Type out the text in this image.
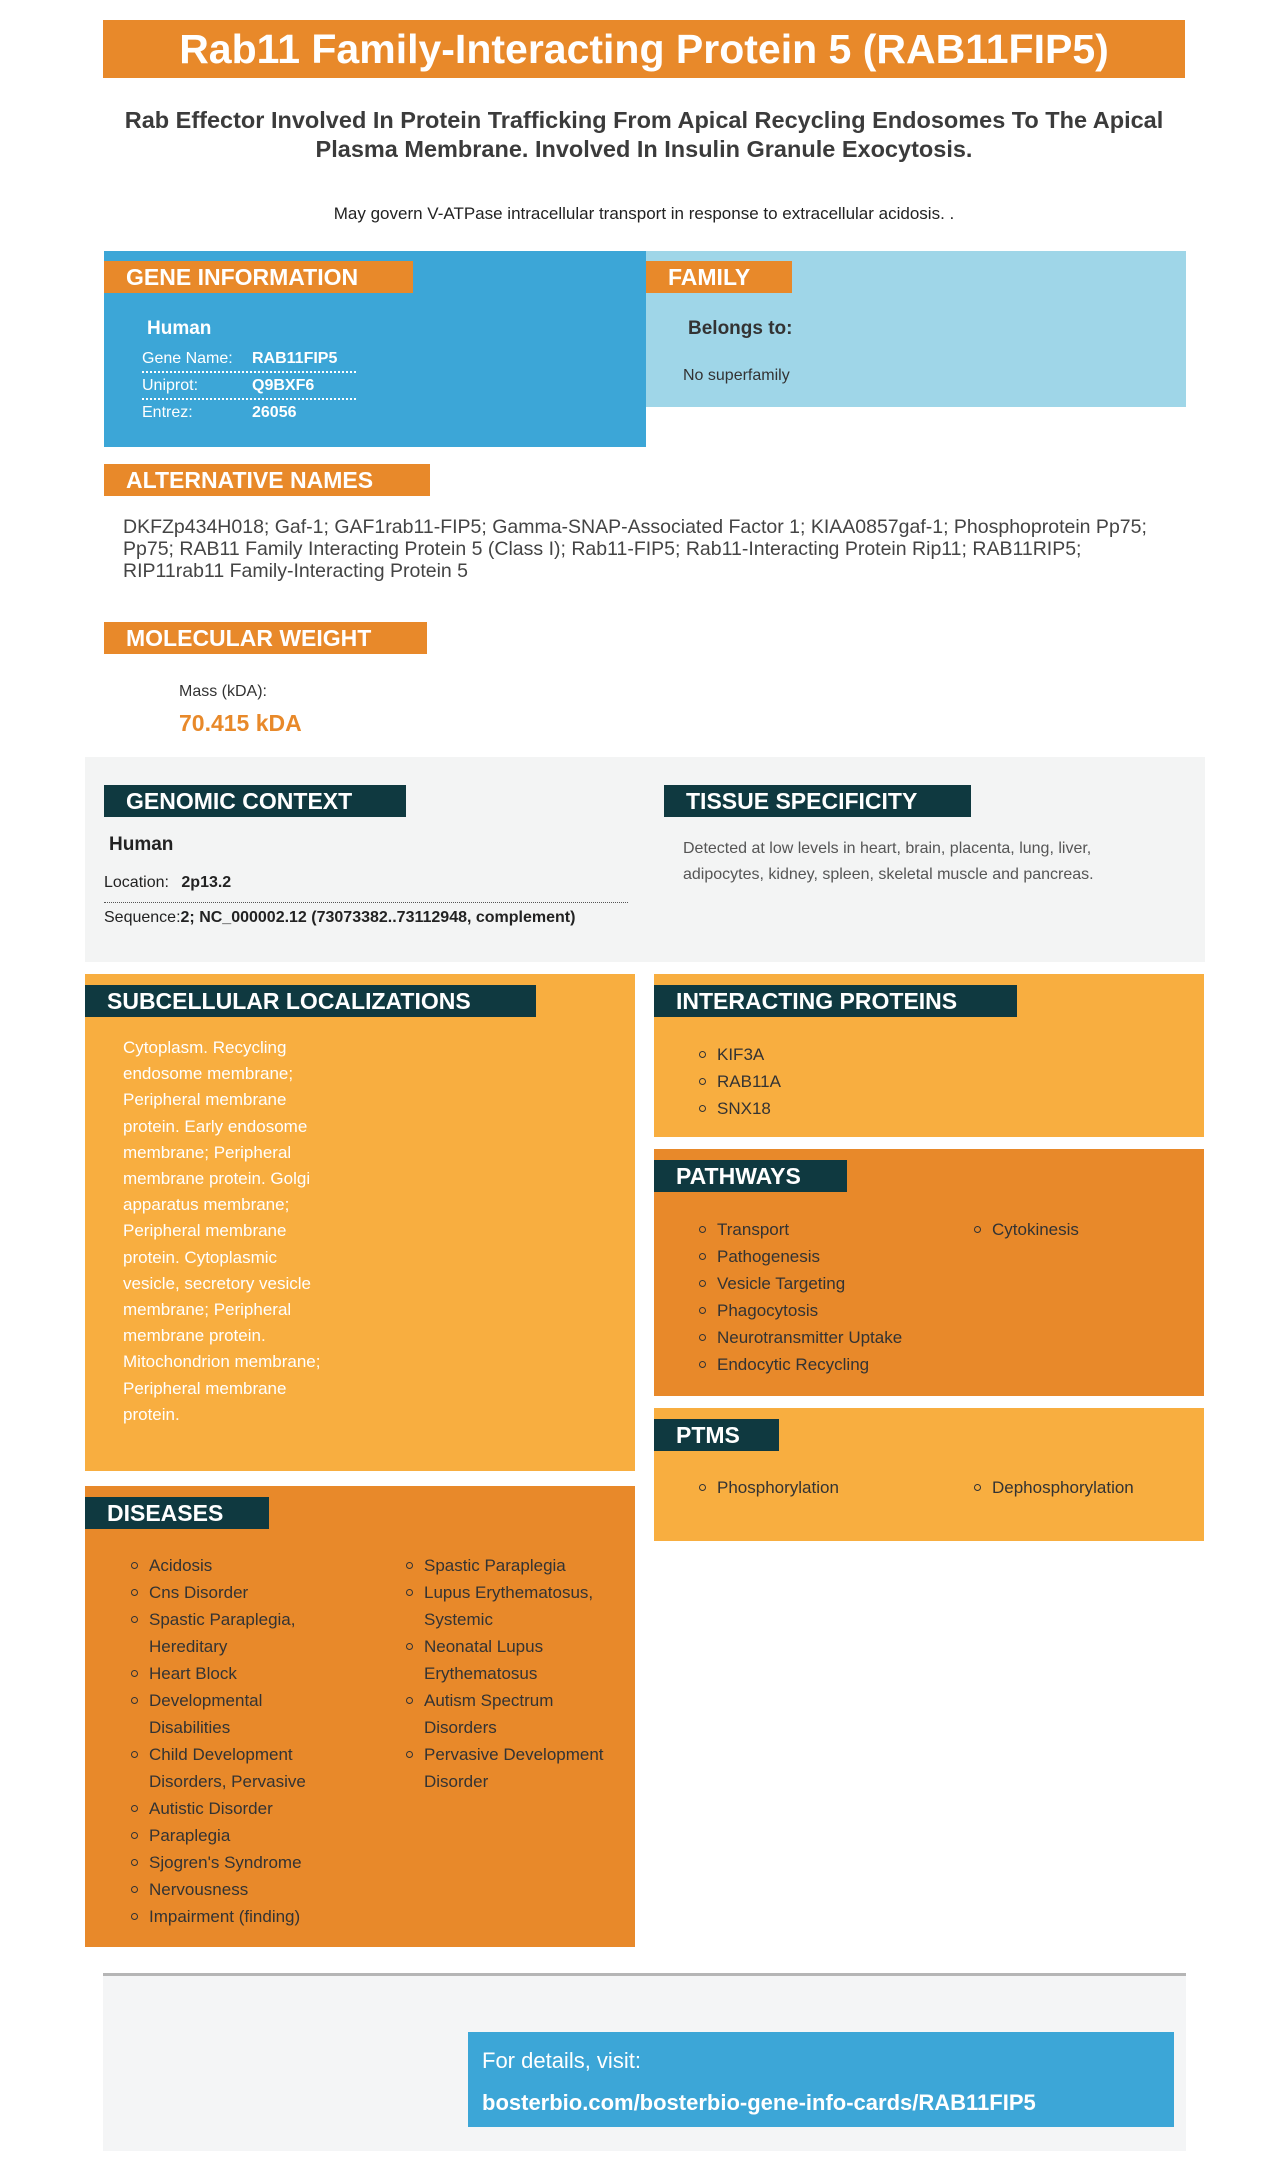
Rab11 Family-Interacting Protein 5 (RAB11FIP5)
Rab Effector Involved In Protein Trafficking From Apical Recycling Endosomes To The Apical Plasma Membrane. Involved In Insulin Granule Exocytosis.
May govern V-ATPase intracellular transport in response to extracellular acidosis. .
GENE INFORMATION
Human
Gene Name: RAB11FIP5
Uniprot:	Q9BXF6
Entrez:	26056
FAMILY
Belongs to:
No superfamily
ALTERNATIVE NAMES
DKFZp434H018; Gaf-1; GAF1rab11-FIP5; Gamma-SNAP-Associated Factor 1; KIAA0857gaf-1; Phosphoprotein Pp75; Pp75; RAB11 Family Interacting Protein 5 (Class I); Rab11-FIP5; Rab11-Interacting Protein Rip11; RAB11RIP5; RIP11rab11 Family-Interacting Protein 5
MOLECULAR WEIGHT
Mass (kDA):
70.415 kDA
GENOMIC CONTEXT
Human
Location: 2p13.2
Sequence:2; NC_000002.12 (73073382..73112948, complement)
TISSUE SPECIFICITY
Detected at low levels in heart, brain, placenta, lung, liver, adipocytes, kidney, spleen, skeletal muscle and pancreas.
SUBCELLULAR LOCALIZATIONS
Cytoplasm. Recycling endosome membrane; Peripheral membrane protein. Early endosome membrane; Peripheral membrane protein. Golgi apparatus membrane; Peripheral membrane protein. Cytoplasmic vesicle, secretory vesicle membrane; Peripheral membrane protein. Mitochondrion membrane; Peripheral membrane protein.
INTERACTING PROTEINS
KIF3A
RAB11A
SNX18
PATHWAYS
Transport
Pathogenesis
Vesicle Targeting
Phagocytosis
Neurotransmitter Uptake
Endocytic Recycling
Cytokinesis
PTMS
Phosphorylation	Dephosphorylation
DISEASES
Acidosis
Cns Disorder
Spastic Paraplegia, Hereditary
Heart Block
Developmental Disabilities
Child Development Disorders, Pervasive
Autistic Disorder
Paraplegia
Sjogren's Syndrome
Nervousness
Impairment (finding)
Spastic Paraplegia
Lupus Erythematosus, Systemic
Neonatal Lupus Erythematosus
Autism Spectrum Disorders
Pervasive Development Disorder
For details, visit:
bosterbio.com/bosterbio-gene-info-cards/RAB11FIP5
